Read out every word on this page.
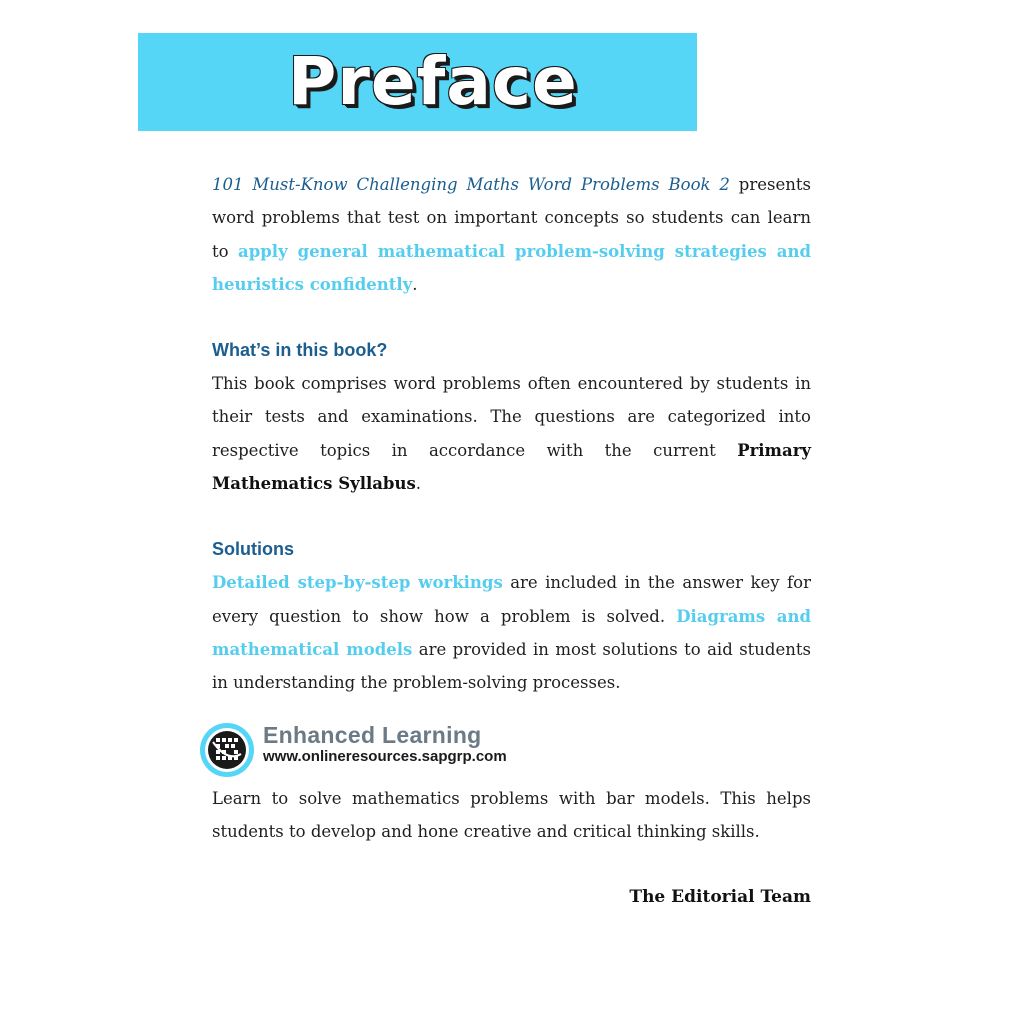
Preface

101 Must-Know Challenging Maths Word Problems Book 2 presents word problems that test on important concepts so students can learn to apply general mathematical problem-solving strategies and heuristics confidently.

What’s in this book?

This book comprises word problems often encountered by students in their tests and examinations. The questions are categorized into respective topics in accordance with the current Primary Mathematics Syllabus.

Solutions

Detailed step-by-step workings are included in the answer key for every question to show how a problem is solved. Diagrams and mathematical models are provided in most solutions to aid students in understanding the problem-solving processes.

Enhanced Learning
www.onlineresources.sapgrp.com

Learn to solve mathematics problems with bar models. This helps students to develop and hone creative and critical thinking skills.

The Editorial Team
